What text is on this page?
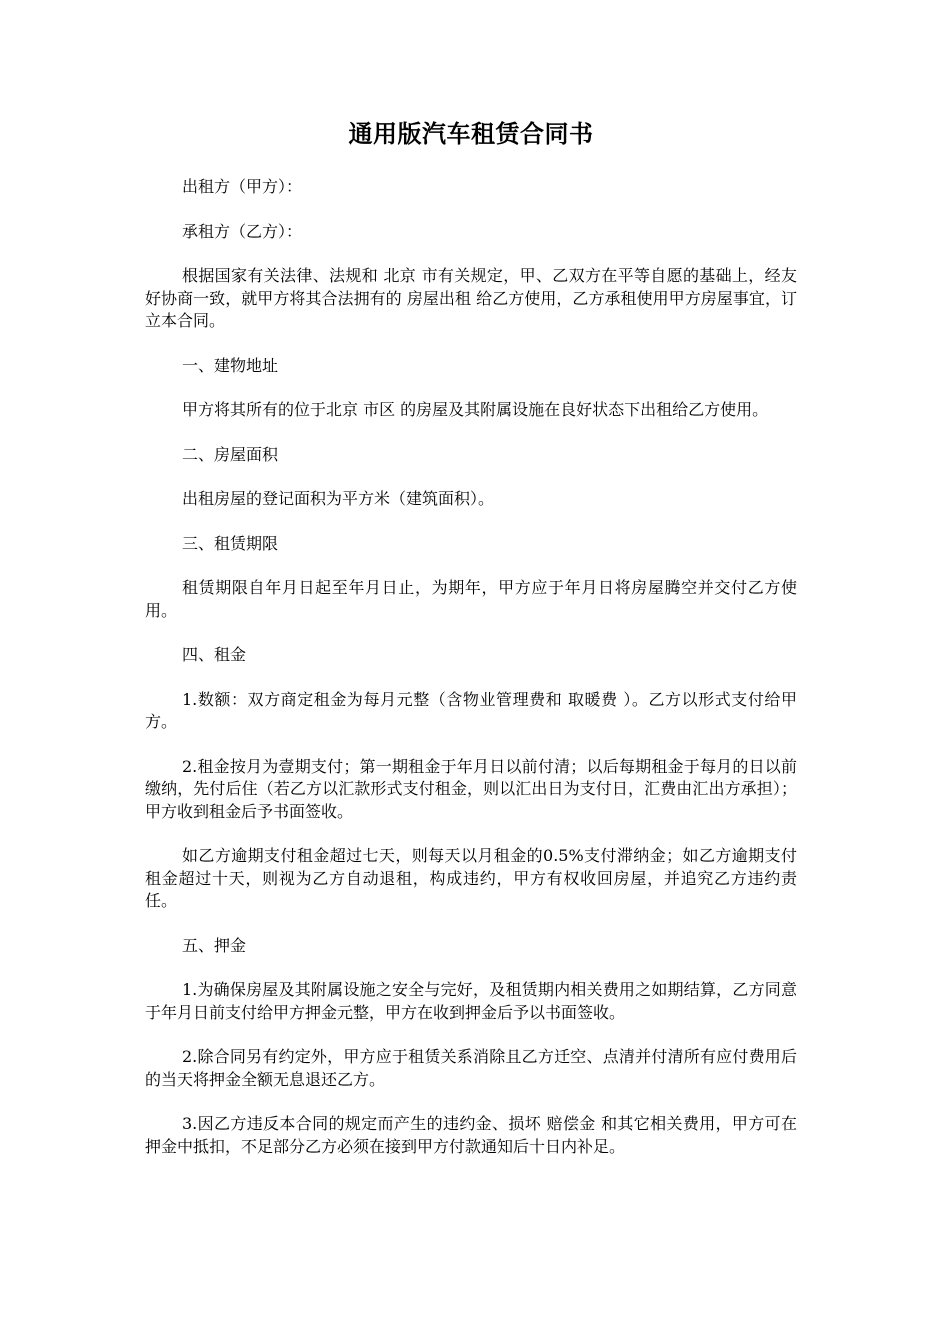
通用版汽车租赁合同书

出租方（甲方）：

承租方（乙方）：

根据国家有关法律、法规和 北京 市有关规定，甲、乙双方在平等自愿的基础上，经友好协商一致，就甲方将其合法拥有的 房屋出租 给乙方使用，乙方承租使用甲方房屋事宜，订立本合同。

一、建物地址

甲方将其所有的位于北京 市区 的房屋及其附属设施在良好状态下出租给乙方使用。

二、房屋面积

出租房屋的登记面积为平方米（建筑面积）。

三、租赁期限

租赁期限自年月日起至年月日止，为期年，甲方应于年月日将房屋腾空并交付乙方使用。

四、租金

1.数额：双方商定租金为每月元整（含物业管理费和 取暖费 ）。乙方以形式支付给甲方。

2.租金按月为壹期支付；第一期租金于年月日以前付清；以后每期租金于每月的日以前缴纳，先付后住（若乙方以汇款形式支付租金，则以汇出日为支付日，汇费由汇出方承担）；甲方收到租金后予书面签收。

如乙方逾期支付租金超过七天，则每天以月租金的0.5%支付滞纳金；如乙方逾期支付租金超过十天，则视为乙方自动退租，构成违约，甲方有权收回房屋，并追究乙方违约责任。

五、押金

1.为确保房屋及其附属设施之安全与完好，及租赁期内相关费用之如期结算，乙方同意于年月日前支付给甲方押金元整，甲方在收到押金后予以书面签收。

2.除合同另有约定外，甲方应于租赁关系消除且乙方迁空、点清并付清所有应付费用后的当天将押金全额无息退还乙方。

3.因乙方违反本合同的规定而产生的违约金、损坏 赔偿金 和其它相关费用，甲方可在押金中抵扣，不足部分乙方必须在接到甲方付款通知后十日内补足。
